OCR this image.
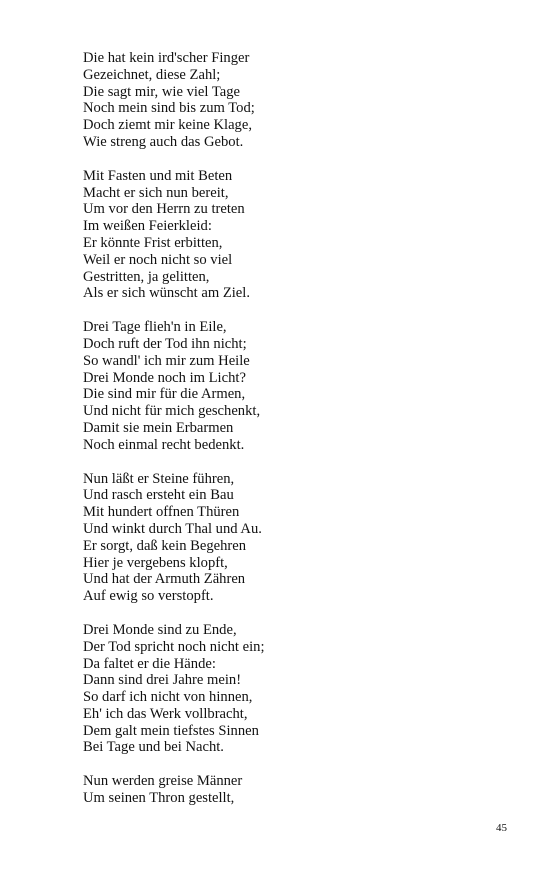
Die hat kein ird'scher Finger
Gezeichnet, diese Zahl;
Die sagt mir, wie viel Tage
Noch mein sind bis zum Tod;
Doch ziemt mir keine Klage,
Wie streng auch das Gebot.
Mit Fasten und mit Beten
Macht er sich nun bereit,
Um vor den Herrn zu treten
Im weißen Feierkleid:
Er könnte Frist erbitten,
Weil er noch nicht so viel
Gestritten, ja gelitten,
Als er sich wünscht am Ziel.
Drei Tage flieh'n in Eile,
Doch ruft der Tod ihn nicht;
So wandl' ich mir zum Heile
Drei Monde noch im Licht?
Die sind mir für die Armen,
Und nicht für mich geschenkt,
Damit sie mein Erbarmen
Noch einmal recht bedenkt.
Nun läßt er Steine führen,
Und rasch ersteht ein Bau
Mit hundert offnen Thüren
Und winkt durch Thal und Au.
Er sorgt, daß kein Begehren
Hier je vergebens klopft,
Und hat der Armuth Zähren
Auf ewig so verstopft.
Drei Monde sind zu Ende,
Der Tod spricht noch nicht ein;
Da faltet er die Hände:
Dann sind drei Jahre mein!
So darf ich nicht von hinnen,
Eh' ich das Werk vollbracht,
Dem galt mein tiefstes Sinnen
Bei Tage und bei Nacht.
Nun werden greise Männer
Um seinen Thron gestellt,
45
